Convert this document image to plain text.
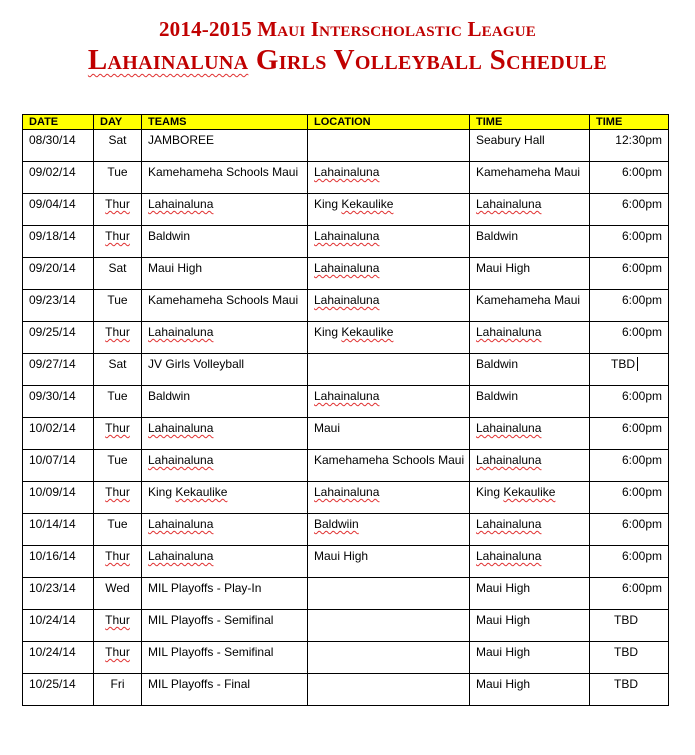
2014-2015 Maui Interscholastic League
Lahainaluna Girls Volleyball Schedule
DATE	DAY	TEAMS	LOCATION	TIME	TIME
08/30/14	Sat	JAMBOREE		Seabury Hall	12:30pm
09/02/14	Tue	Kamehameha Schools Maui	Lahainaluna	Kamehameha Maui	6:00pm
09/04/14	Thur	Lahainaluna	King Kekaulike	Lahainaluna	6:00pm
09/18/14	Thur	Baldwin	Lahainaluna	Baldwin	6:00pm
09/20/14	Sat	Maui High	Lahainaluna	Maui High	6:00pm
09/23/14	Tue	Kamehameha Schools Maui	Lahainaluna	Kamehameha Maui	6:00pm
09/25/14	Thur	Lahainaluna	King Kekaulike	Lahainaluna	6:00pm
09/27/14	Sat	JV Girls Volleyball		Baldwin	TBD
09/30/14	Tue	Baldwin	Lahainaluna	Baldwin	6:00pm
10/02/14	Thur	Lahainaluna	Maui	Lahainaluna	6:00pm
10/07/14	Tue	Lahainaluna	Kamehameha Schools Maui	Lahainaluna	6:00pm
10/09/14	Thur	King Kekaulike	Lahainaluna	King Kekaulike	6:00pm
10/14/14	Tue	Lahainaluna	Baldwiin	Lahainaluna	6:00pm
10/16/14	Thur	Lahainaluna	Maui High	Lahainaluna	6:00pm
10/23/14	Wed	MIL Playoffs - Play-In		Maui High	6:00pm
10/24/14	Thur	MIL Playoffs - Semifinal		Maui High	TBD
10/24/14	Thur	MIL Playoffs - Semifinal		Maui High	TBD
10/25/14	Fri	MIL Playoffs - Final		Maui High	TBD
